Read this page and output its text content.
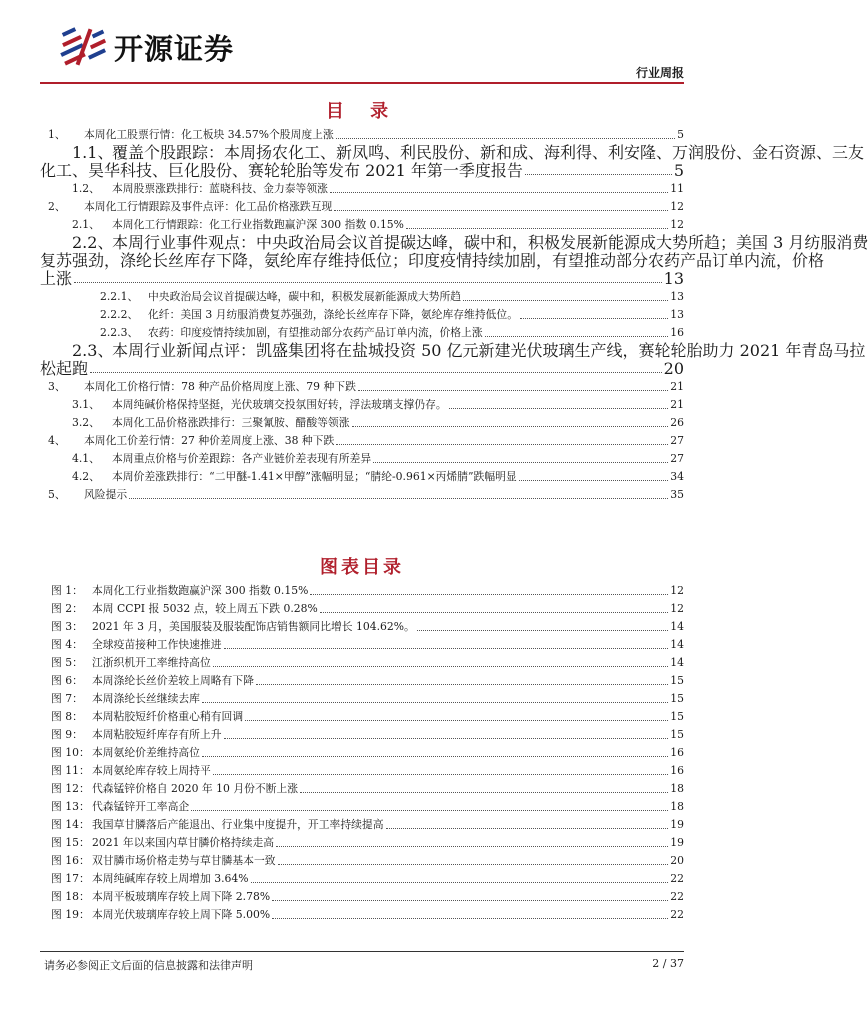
开源证券
行业周报
目 录
1、	本周化工股票行情：化工板块 34.57%个股周度上涨	5
1.1、
覆盖个股跟踪：本周扬农化工、新凤鸣、利民股份、新和成、海利得、利安隆、万润股份、金石资源、三友
化工、昊华科技、巨化股份、赛轮轮胎等发布 2021 年第一季度报告	5
1.2、	本周股票涨跌排行：蓝晓科技、金力泰等领涨	11
2、	本周化工行情跟踪及事件点评：化工品价格涨跌互现	12
2.1、	本周化工行情跟踪：化工行业指数跑赢沪深 300 指数 0.15%	12
2.2、
本周行业事件观点：中央政治局会议首提碳达峰，碳中和，积极发展新能源成大势所趋；美国 3 月纺服消费
复苏强劲，涤纶长丝库存下降，氨纶库存维持低位；印度疫情持续加剧，有望推动部分农药产品订单内流，价格
上涨	13
2.2.1、 中央政治局会议首提碳达峰，碳中和，积极发展新能源成大势所趋	13
2.2.2、 化纤：美国 3 月纺服消费复苏强劲，涤纶长丝库存下降，氨纶库存维持低位。	13
2.2.3、 农药：印度疫情持续加剧，有望推动部分农药产品订单内流，价格上涨	16
2.3、
本周行业新闻点评：凯盛集团将在盐城投资 50 亿元新建光伏玻璃生产线，赛轮轮胎助力 2021 年青岛马拉
松起跑	20
3、	本周化工价格行情：78 种产品价格周度上涨、79 种下跌	21
3.1、	本周纯碱价格保持坚挺，光伏玻璃交投氛围好转，浮法玻璃支撑仍存。	21
3.2、	本周化工品价格涨跌排行：三聚氰胺、醋酸等领涨	26
4、	本周化工价差行情：27 种价差周度上涨、38 种下跌	27
4.1、	本周重点价格与价差跟踪：各产业链价差表现有所差异	27
4.2、	本周价差涨跌排行：“二甲醚-1.41×甲醇”涨幅明显；“腈纶-0.961×丙烯腈”跌幅明显	34
5、	风险提示	35
图表目录
图 1： 本周化工行业指数跑赢沪深 300 指数 0.15%	12
图 2： 本周 CCPI 报 5032 点，较上周五下跌 0.28%	12
图 3： 2021 年 3 月，美国服装及服装配饰店销售额同比增长 104.62%。	14
图 4： 全球疫苗接种工作快速推进	14
图 5： 江浙织机开工率维持高位	14
图 6： 本周涤纶长丝价差较上周略有下降	15
图 7： 本周涤纶长丝继续去库	15
图 8： 本周粘胶短纤价格重心稍有回调	15
图 9： 本周粘胶短纤库存有所上升	15
图 10： 本周氨纶价差维持高位	16
图 11： 本周氨纶库存较上周持平	16
图 12： 代森锰锌价格自 2020 年 10 月份不断上涨	18
图 13： 代森锰锌开工率高企	18
图 14： 我国草甘膦落后产能退出、行业集中度提升，开工率持续提高	19
图 15： 2021 年以来国内草甘膦价格持续走高	19
图 16： 双甘膦市场价格走势与草甘膦基本一致	20
图 17： 本周纯碱库存较上周增加 3.64%	22
图 18： 本周平板玻璃库存较上周下降 2.78%	22
图 19： 本周光伏玻璃库存较上周下降 5.00%	22
请务必参阅正文后面的信息披露和法律声明	2 / 37
